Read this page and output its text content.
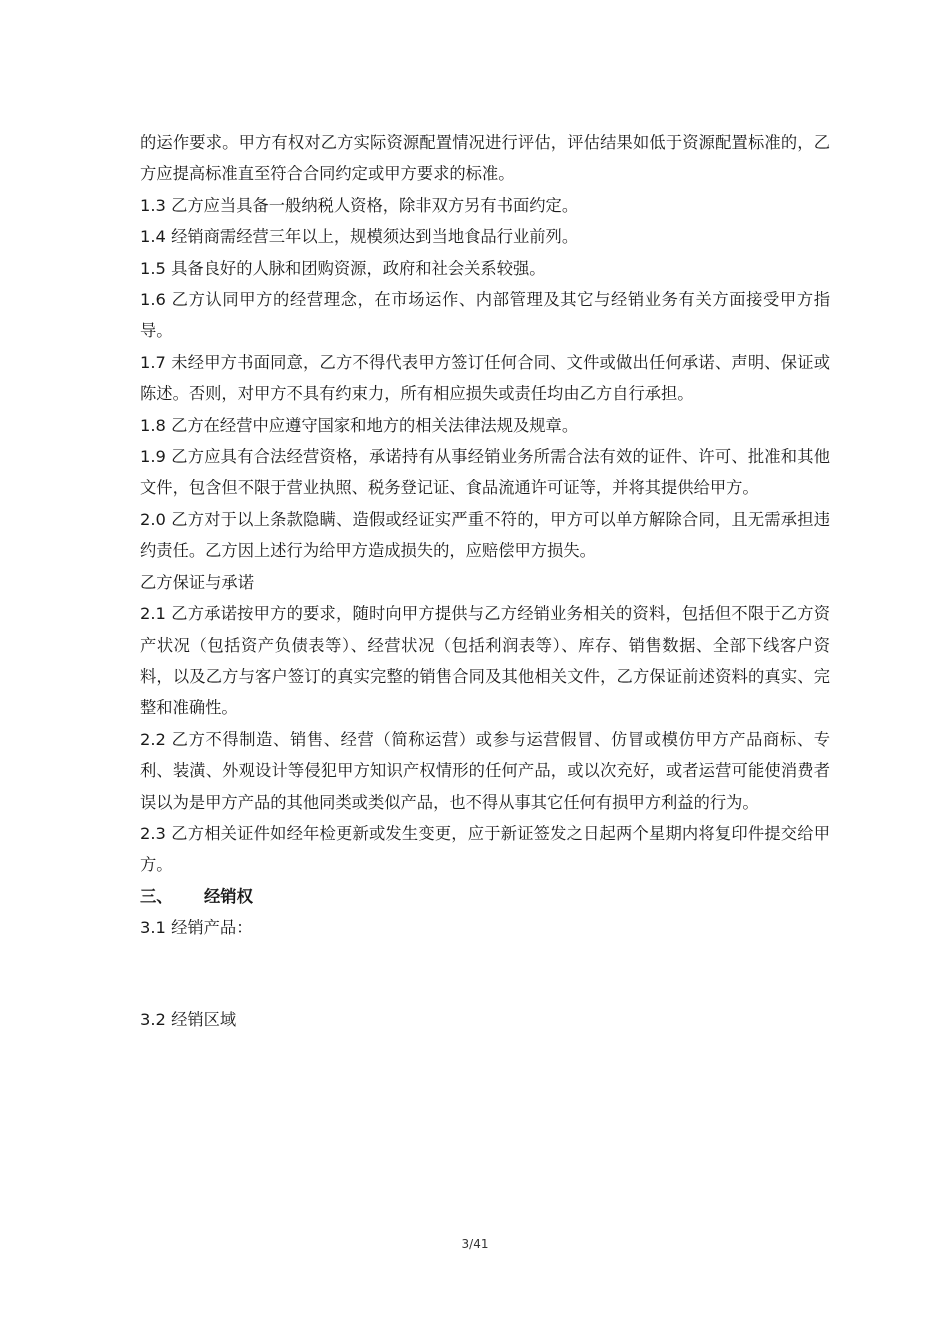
的运作要求。甲方有权对乙方实际资源配置情况进行评估，评估结果如低于资源配置标准的，乙方应提高标准直至符合合同约定或甲方要求的标准。

1.3 乙方应当具备一般纳税人资格，除非双方另有书面约定。

1.4 经销商需经营三年以上，规模须达到当地食品行业前列。

1.5 具备良好的人脉和团购资源，政府和社会关系较强。

1.6 乙方认同甲方的经营理念，在市场运作、内部管理及其它与经销业务有关方面接受甲方指导。

1.7 未经甲方书面同意，乙方不得代表甲方签订任何合同、文件或做出任何承诺、声明、保证或陈述。否则，对甲方不具有约束力，所有相应损失或责任均由乙方自行承担。

1.8 乙方在经营中应遵守国家和地方的相关法律法规及规章。

1.9 乙方应具有合法经营资格，承诺持有从事经销业务所需合法有效的证件、许可、批准和其他文件，包含但不限于营业执照、税务登记证、食品流通许可证等，并将其提供给甲方。

2.0 乙方对于以上条款隐瞒、造假或经证实严重不符的，甲方可以单方解除合同，且无需承担违约责任。乙方因上述行为给甲方造成损失的，应赔偿甲方损失。

乙方保证与承诺

2.1 乙方承诺按甲方的要求，随时向甲方提供与乙方经销业务相关的资料，包括但不限于乙方资产状况（包括资产负债表等）、经营状况（包括利润表等）、库存、销售数据、全部下线客户资料，以及乙方与客户签订的真实完整的销售合同及其他相关文件，乙方保证前述资料的真实、完整和准确性。

2.2 乙方不得制造、销售、经营（简称运营）或参与运营假冒、仿冒或模仿甲方产品商标、专利、装潢、外观设计等侵犯甲方知识产权情形的任何产品，或以次充好，或者运营可能使消费者误以为是甲方产品的其他同类或类似产品，也不得从事其它任何有损甲方利益的行为。

2.3 乙方相关证件如经年检更新或发生变更，应于新证签发之日起两个星期内将复印件提交给甲方。

三、	经销权

3.1 经销产品：

3.2 经销区域

3/41
